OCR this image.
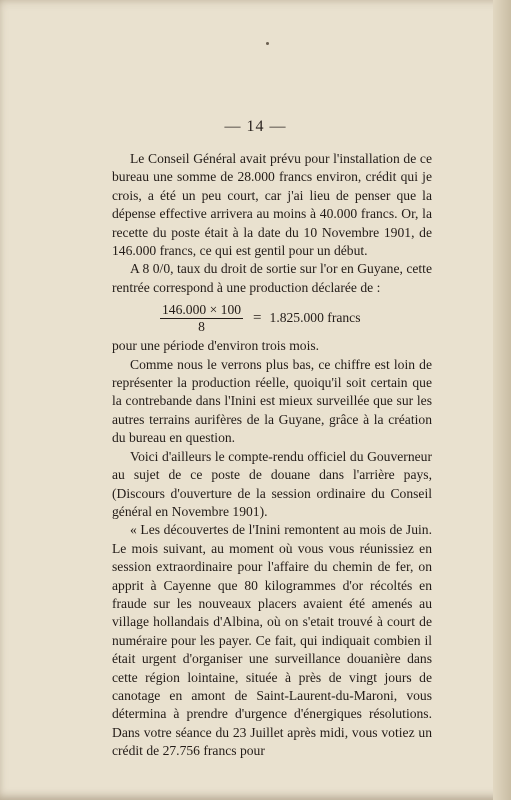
— 14 —

Le Conseil Général avait prévu pour l'installation de ce bureau une somme de 28.000 francs environ, crédit qui je crois, a été un peu court, car j'ai lieu de penser que la dépense effective arrivera au moins à 40.000 francs. Or, la recette du poste était à la date du 10 Novembre 1901, de 146.000 francs, ce qui est gentil pour un début.

A 8 0/0, taux du droit de sortie sur l'or en Guyane, cette rentrée correspond à une production déclarée de :

$\frac{146.000 \times 100}{8} = 1.825.000$ francs

pour une période d'environ trois mois.

Comme nous le verrons plus bas, ce chiffre est loin de représenter la production réelle, quoiqu'il soit certain que la contrebande dans l'Inini est mieux surveillée que sur les autres terrains aurifères de la Guyane, grâce à la création du bureau en question.

Voici d'ailleurs le compte-rendu officiel du Gouverneur au sujet de ce poste de douane dans l'arrière pays, (Discours d'ouverture de la session ordinaire du Conseil général en Novembre 1901).

« Les découvertes de l'Inini remontent au mois de Juin. Le mois suivant, au moment où vous vous réunissiez en session extraordinaire pour l'affaire du chemin de fer, on apprit à Cayenne que 80 kilogrammes d'or récoltés en fraude sur les nouveaux placers avaient été amenés au village hollandais d'Albina, où on s'etait trouvé à court de numéraire pour les payer. Ce fait, qui indiquait combien il était urgent d'organiser une surveillance douanière dans cette région lointaine, située à près de vingt jours de canotage en amont de Saint-Laurent-du-Maroni, vous détermina à prendre d'urgence d'énergiques résolutions. Dans votre séance du 23 Juillet après midi, vous votiez un crédit de 27.756 francs pour
